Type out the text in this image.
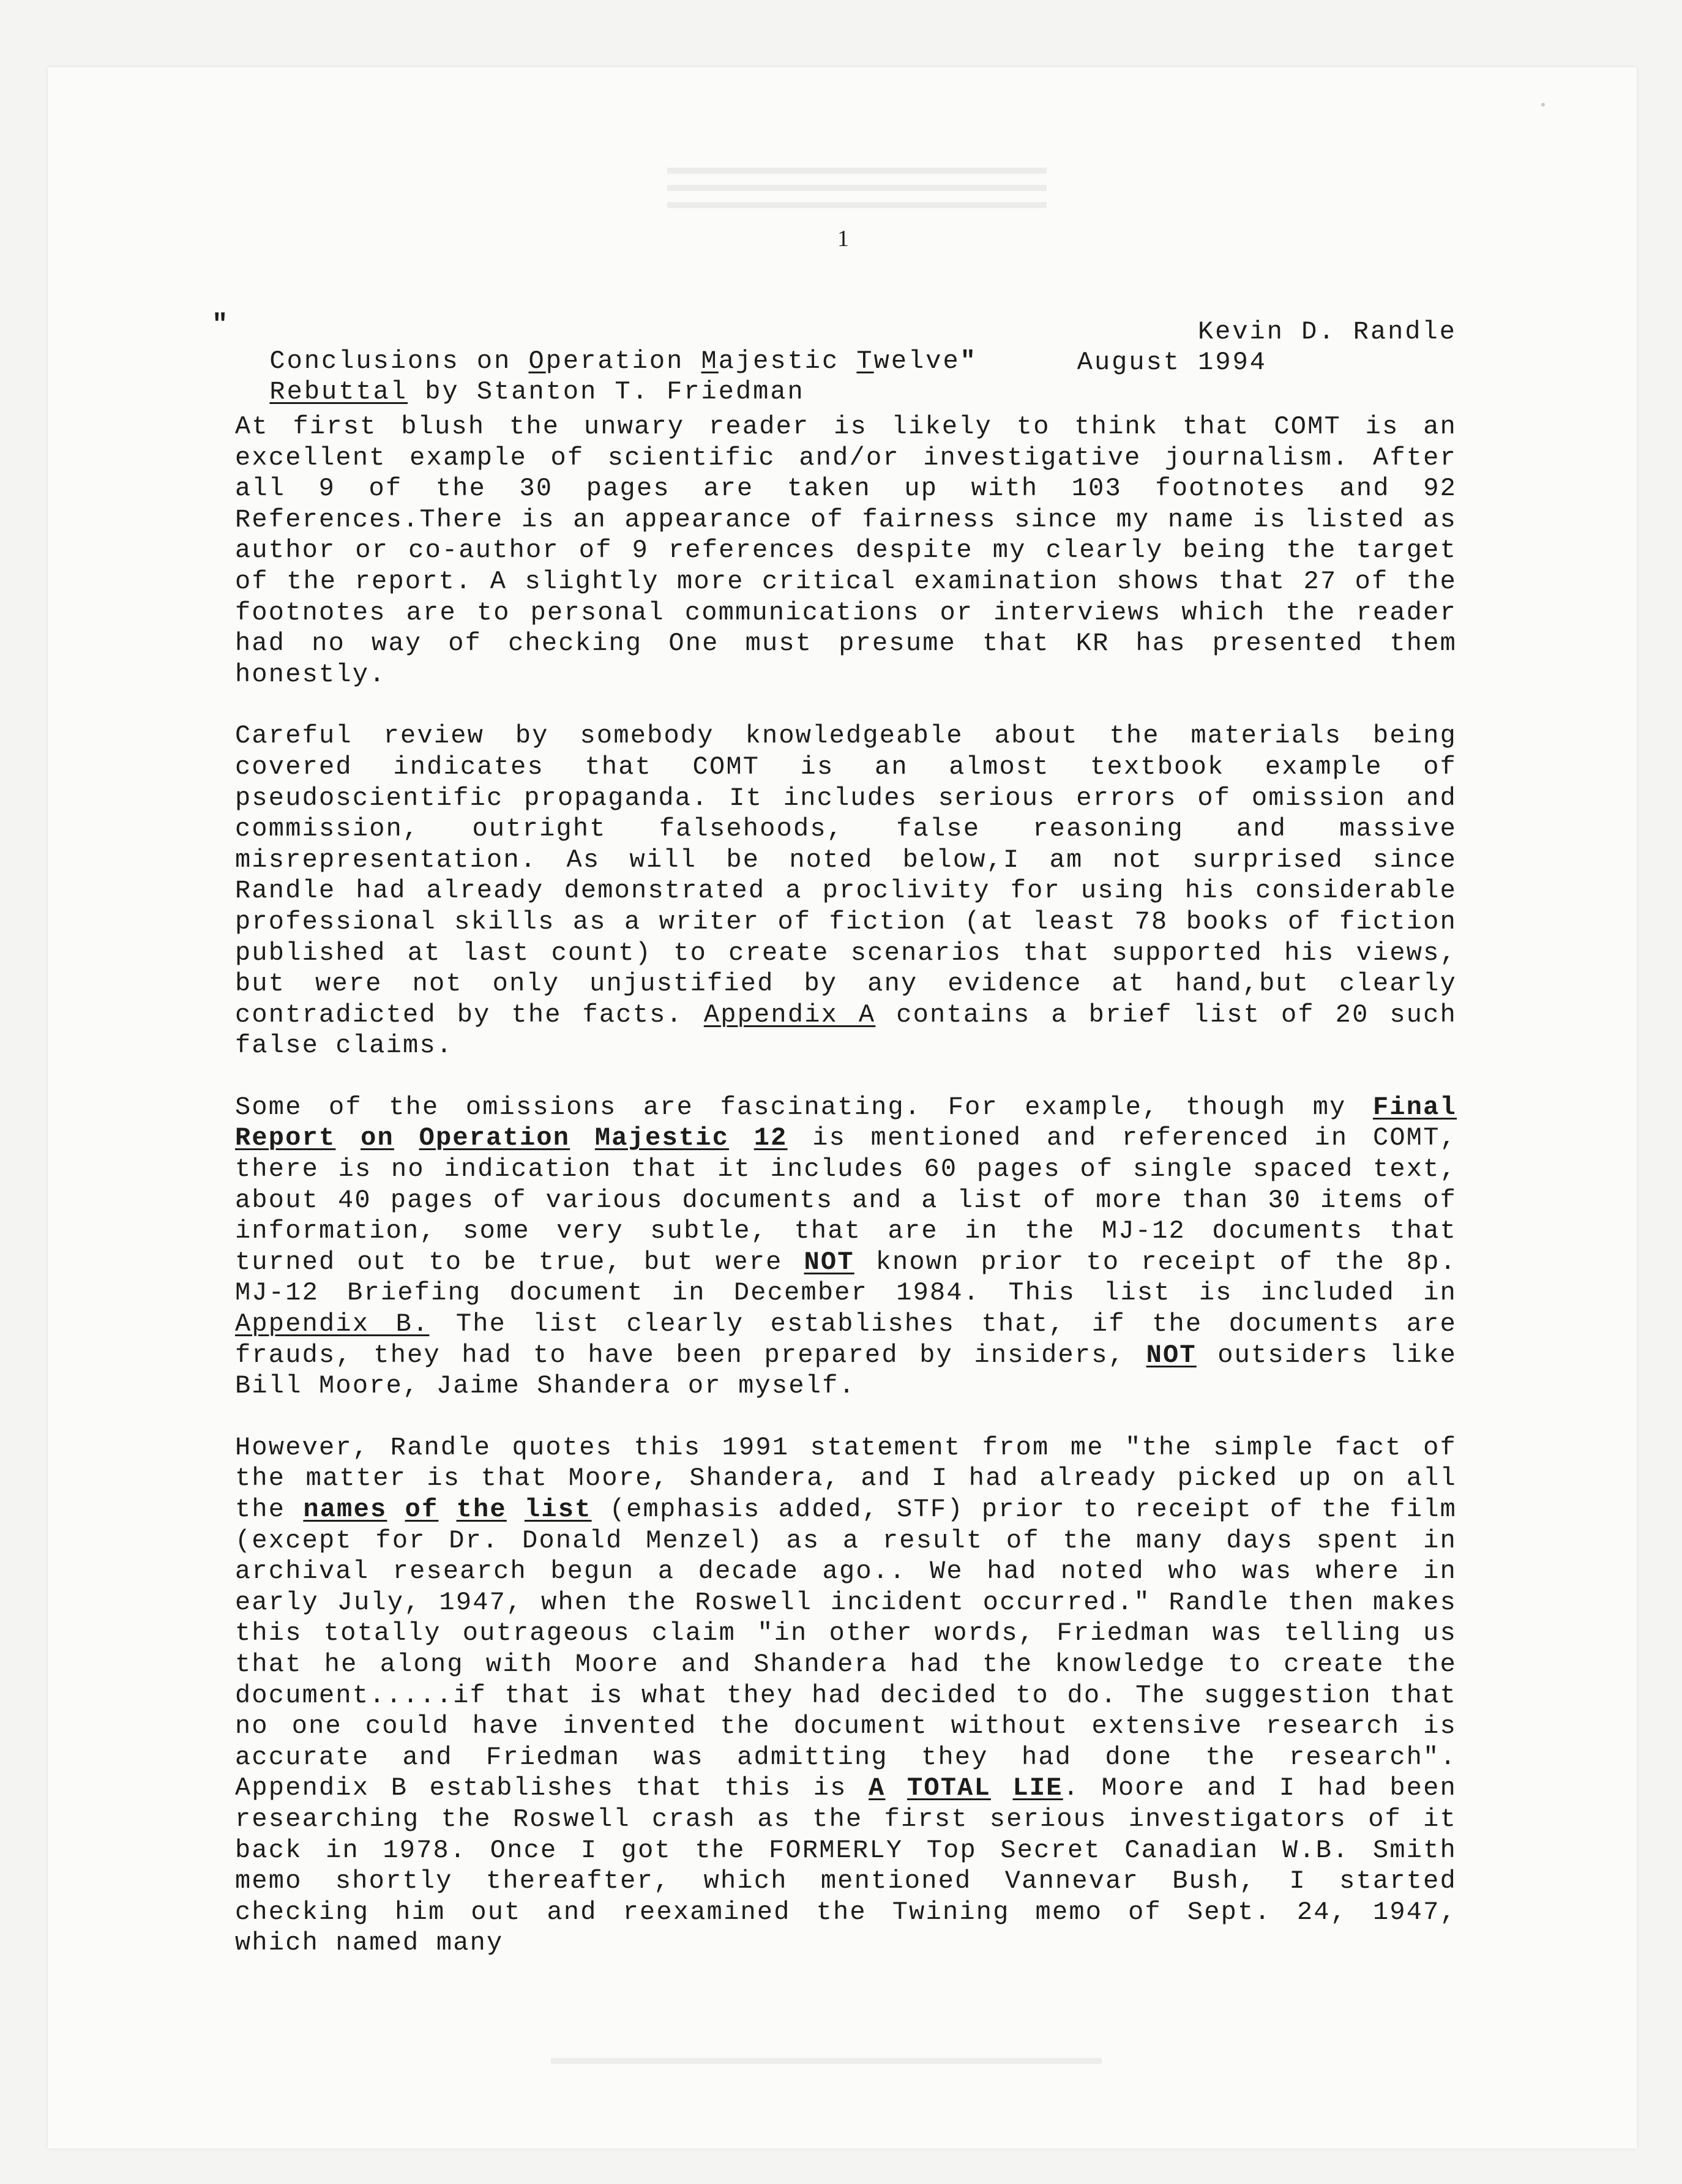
1
"

Conclusions on Operation Majestic Twelve"

Kevin D. Randle

Rebuttal by Stanton T. Friedman

August 1994

At first blush the unwary reader is likely to think that COMT is an excellent example of scientific and/or investigative journalism. After all 9 of the 30 pages are taken up with 103 footnotes and 92 References.There is an appearance of fairness since my name is listed as author or co-author of 9 references despite my clearly being the target of the report. A slightly more critical examination shows that 27 of the footnotes are to personal communications or interviews which the reader had no way of checking One must presume that KR has presented them honestly.

Careful review by somebody knowledgeable about the materials being covered indicates that COMT is an almost textbook example of pseudoscientific propaganda. It includes serious errors of omission and commission, outright falsehoods, false reasoning and massive misrepresentation. As will be noted below,I am not surprised since Randle had already demonstrated a proclivity for using his considerable professional skills as a writer of fiction (at least 78 books of fiction published at last count) to create scenarios that supported his views, but were not only unjustified by any evidence at hand,but clearly contradicted by the facts. Appendix A contains a brief list of 20 such false claims.

Some of the omissions are fascinating. For example, though my Final Report on Operation Majestic 12 is mentioned and referenced in COMT, there is no indication that it includes 60 pages of single spaced text, about 40 pages of various documents and a list of more than 30 items of information, some very subtle, that are in the MJ-12 documents that turned out to be true, but were NOT known prior to receipt of the 8p. MJ-12 Briefing document in December 1984. This list is included in Appendix B. The list clearly establishes that, if the documents are frauds, they had to have been prepared by insiders, NOT outsiders like Bill Moore, Jaime Shandera or myself.

However, Randle quotes this 1991 statement from me "the simple fact of the matter is that Moore, Shandera, and I had already picked up on all the names of the list (emphasis added, STF) prior to receipt of the film (except for Dr. Donald Menzel) as a result of the many days spent in archival research begun a decade ago.. We had noted who was where in early July, 1947, when the Roswell incident occurred." Randle then makes this totally outrageous claim "in other words, Friedman was telling us that he along with Moore and Shandera had the knowledge to create the document.....if that is what they had decided to do. The suggestion that no one could have invented the document without extensive research is accurate and Friedman was admitting they had done the research". Appendix B establishes that this is A TOTAL LIE. Moore and I had been researching the Roswell crash as the first serious investigators of it back in 1978. Once I got the FORMERLY Top Secret Canadian W.B. Smith memo shortly thereafter, which mentioned Vannevar Bush, I started checking him out and reexamined the Twining memo of Sept. 24, 1947, which named many
